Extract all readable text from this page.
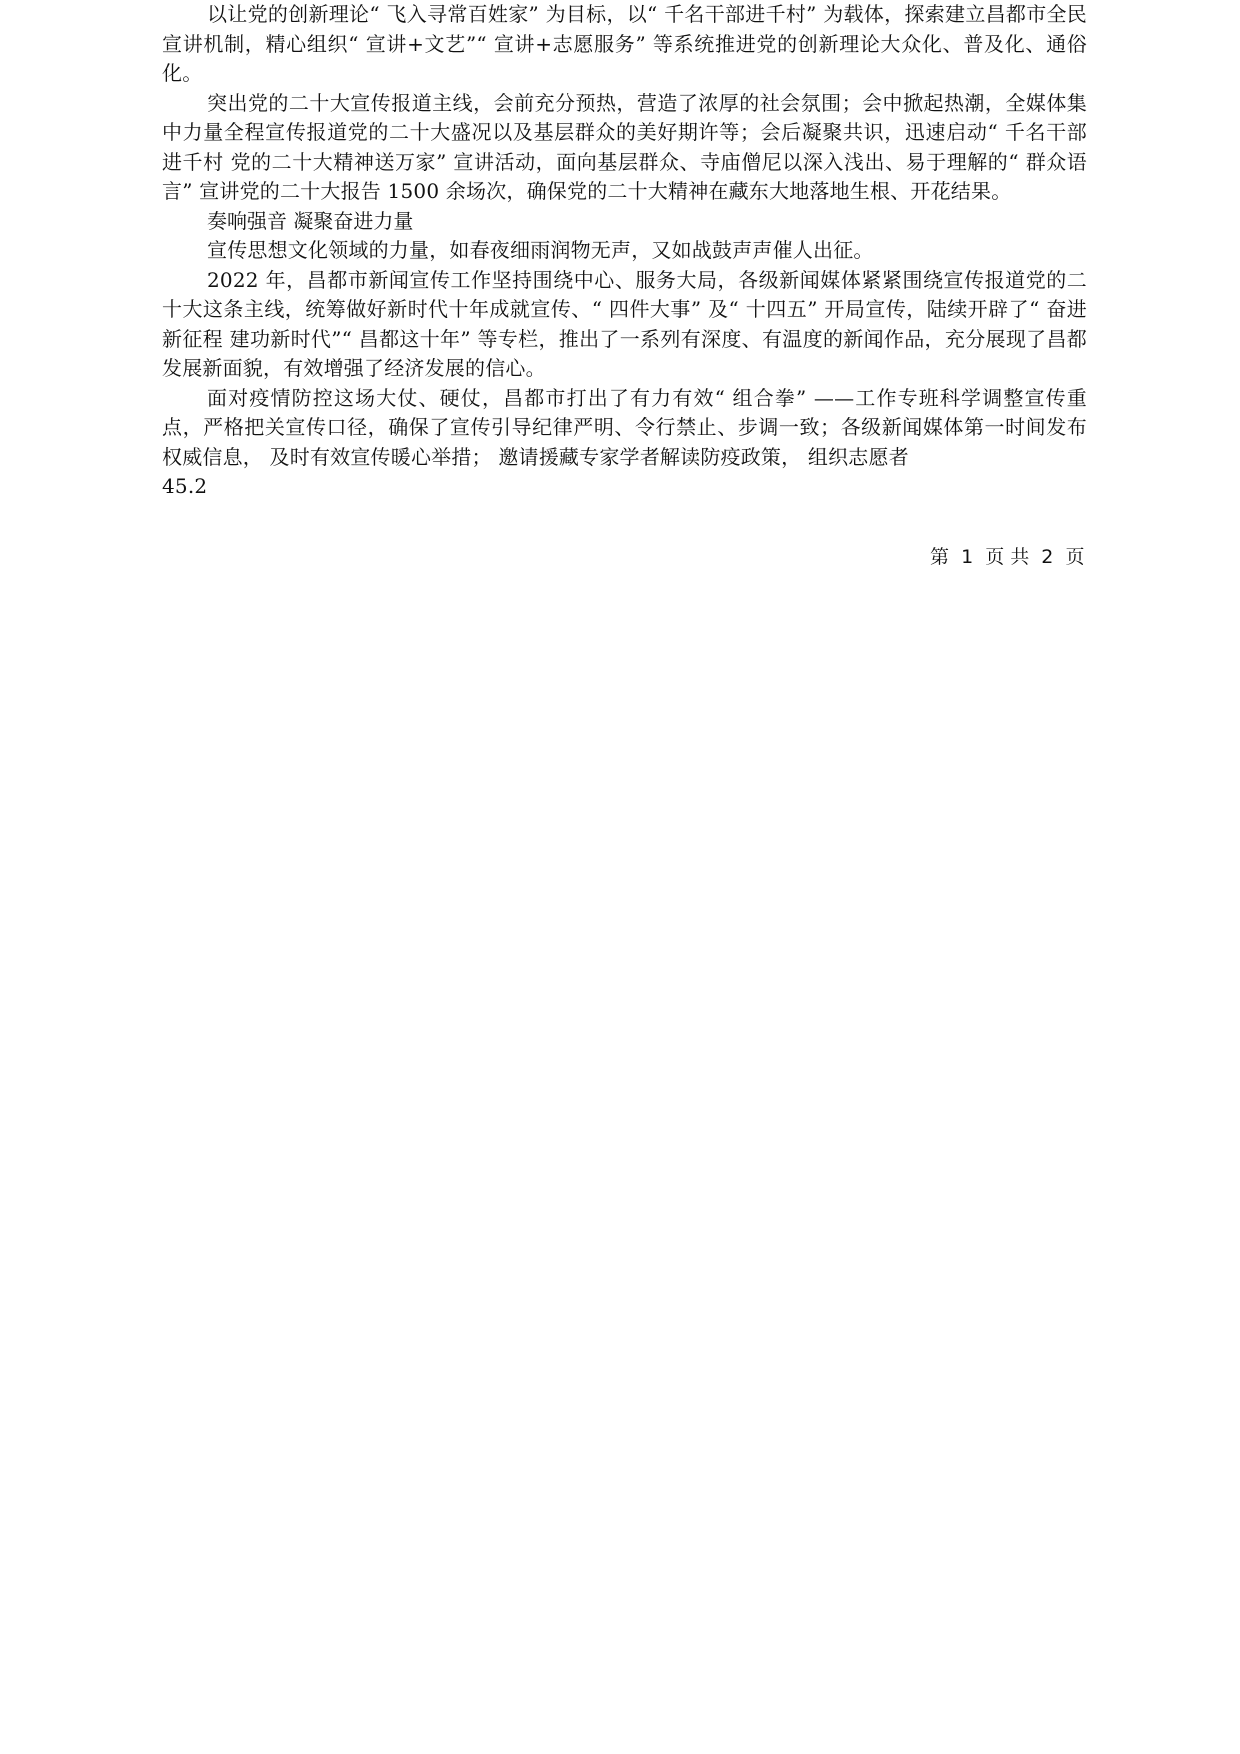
以让党的创新理论“ 飞入寻常百姓家” 为目标，以“ 千名干部进千村” 为载体，探索建立昌都市全民宣讲机制，精心组织“ 宣讲+文艺”“ 宣讲+志愿服务” 等系统推进党的创新理论大众化、普及化、通俗化。

突出党的二十大宣传报道主线，会前充分预热，营造了浓厚的社会氛围；会中掀起热潮，全媒体集中力量全程宣传报道党的二十大盛况以及基层群众的美好期许等；会后凝聚共识，迅速启动“ 千名干部进千村 党的二十大精神送万家” 宣讲活动，面向基层群众、寺庙僧尼以深入浅出、易于理解的“ 群众语言” 宣讲党的二十大报告 1500 余场次，确保党的二十大精神在藏东大地落地生根、开花结果。

奏响强音 凝聚奋进力量

宣传思想文化领域的力量，如春夜细雨润物无声，又如战鼓声声催人出征。

2022 年，昌都市新闻宣传工作坚持围绕中心、服务大局，各级新闻媒体紧紧围绕宣传报道党的二十大这条主线，统筹做好新时代十年成就宣传、“ 四件大事” 及“ 十四五” 开局宣传，陆续开辟了“ 奋进新征程 建功新时代”“ 昌都这十年” 等专栏，推出了一系列有深度、有温度的新闻作品，充分展现了昌都发展新面貌，有效增强了经济发展的信心。

面对疫情防控这场大仗、硬仗，昌都市打出了有力有效“ 组合拳” ——工作专班科学调整宣传重点，严格把关宣传口径，确保了宣传引导纪律严明、令行禁止、步调一致；各级新闻媒体第一时间发布权威信息， 及时有效宣传暖心举措； 邀请援藏专家学者解读防疫政策， 组织志愿者

45.2

第 1 页 共 2 页
